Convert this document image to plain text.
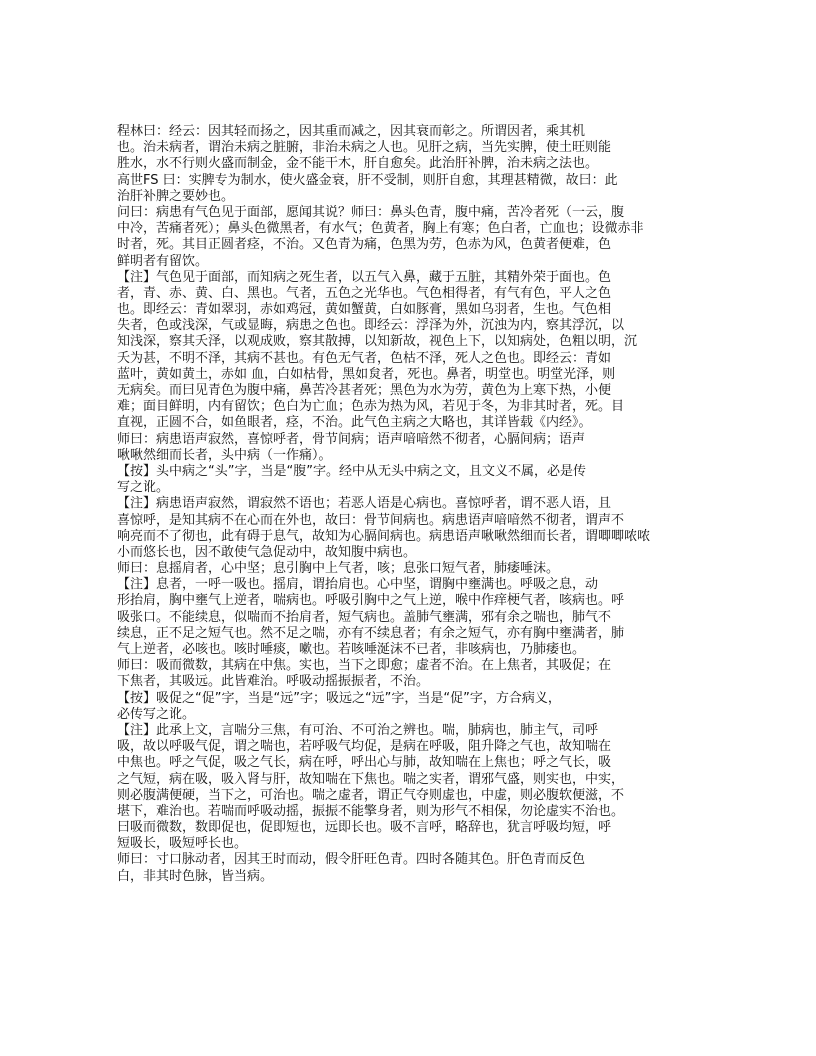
程林曰：经云：因其轻而扬之，因其重而减之，因其衰而彰之。所谓因者，乘其机
也。治未病者，谓治未病之脏腑，非治未病之人也。见肝之病，当先实脾，使土旺则能
胜水，水不行则火盛而制金，金不能干木，肝自愈矣。此治肝补脾，治未病之法也。
高世FS 曰：实脾专为制水，使火盛金衰，肝不受制，则肝自愈，其理甚精微，故曰：此
治肝补脾之要妙也。
问曰：病患有气色见于面部，愿闻其说？师曰：鼻头色青，腹中痛，苦冷者死（一云，腹
中冷，苦痛者死）；鼻头色微黑者，有水气；色黄者，胸上有寒；色白者，亡血也；设微赤非
时者，死。其目正圆者痉，不治。又色青为痛，色黑为劳，色赤为风，色黄者便难，色
鲜明者有留饮。
【注】气色见于面部，而知病之死生者，以五气入鼻，藏于五脏，其精外荣于面也。色
者，青、赤、黄、白、黑也。气者，五色之光华也。气色相得者，有气有色，平人之色
也。即经云：青如翠羽，赤如鸡冠，黄如蟹黄，白如豚膏，黑如乌羽者，生也。气色相
失者，色或浅深，气或显晦，病患之色也。即经云：浮泽为外，沉浊为内，察其浮沉，以
知浅深，察其夭泽，以观成败，察其散搏，以知新故，视色上下，以知病处，色粗以明，沉
夭为甚，不明不泽，其病不甚也。有色无气者，色枯不泽，死人之色也。即经云：青如
蓝叶，黄如黄土，赤如 血，白如枯骨，黑如炱者，死也。鼻者，明堂也。明堂光泽，则
无病矣。而曰见青色为腹中痛，鼻苦冷甚者死；黑色为水为劳，黄色为上寒下热，小便
难；面目鲜明，内有留饮；色白为亡血；色赤为热为风，若见于冬，为非其时者，死。目
直视，正圆不合，如鱼眼者，痉，不治。此气色主病之大略也，其详皆载《内经》。
师曰：病患语声寂然，喜惊呼者，骨节间病；语声喑喑然不彻者，心膈间病；语声
啾啾然细而长者，头中病（一作痛）。
【按】头中病之“头”字，当是“腹”字。经中从无头中病之文，且文义不属，必是传
写之讹。
【注】病患语声寂然，谓寂然不语也；若恶人语是心病也。喜惊呼者，谓不恶人语，且
喜惊呼，是知其病不在心而在外也，故曰：骨节间病也。病患语声喑喑然不彻者，谓声不
响亮而不了彻也，此有碍于息气，故知为心膈间病也。病患语声啾啾然细而长者，谓唧唧哝哝
小而悠长也，因不敢使气急促动中，故知腹中病也。
师曰：息摇肩者，心中坚；息引胸中上气者，咳；息张口短气者，肺痿唾沫。
【注】息者，一呼一吸也。摇肩，谓抬肩也。心中坚，谓胸中壅满也。呼吸之息，动
形抬肩，胸中壅气上逆者，喘病也。呼吸引胸中之气上逆，喉中作痒梗气者，咳病也。呼
吸张口。不能续息，似喘而不抬肩者，短气病也。盖肺气壅满，邪有余之喘也，肺气不
续息，正不足之短气也。然不足之喘，亦有不续息者；有余之短气，亦有胸中壅满者，肺
气上逆者，必咳也。咳时唾痰，嗽也。若咳唾涎沫不已者，非咳病也，乃肺痿也。
师曰：吸而微数，其病在中焦。实也，当下之即愈；虚者不治。在上焦者，其吸促；在
下焦者，其吸远。此皆难治。呼吸动摇振振者，不治。
【按】吸促之“促”字，当是“远”字；吸远之“远”字，当是“促”字，方合病义，
必传写之讹。
【注】此承上文，言喘分三焦，有可治、不可治之辨也。喘，肺病也，肺主气，司呼
吸，故以呼吸气促，谓之喘也，若呼吸气均促，是病在呼吸，阻升降之气也，故知喘在
中焦也。呼之气促，吸之气长，病在呼，呼出心与肺，故知喘在上焦也；呼之气长，吸
之气短，病在吸，吸入肾与肝，故知喘在下焦也。喘之实者，谓邪气盛，则实也，中实，
则必腹满便硬，当下之，可治也。喘之虚者，谓正气夺则虚也，中虚，则必腹软便滋，不
堪下，难治也。若喘而呼吸动摇，振振不能擎身者，则为形气不相保，勿论虚实不治也。
曰吸而微数，数即促也，促即短也，远即长也。吸不言呼，略辞也，犹言呼吸均短，呼
短吸长，吸短呼长也。
师曰：寸口脉动者，因其王时而动，假令肝旺色青。四时各随其色。肝色青而反色
白，非其时色脉，皆当病。
